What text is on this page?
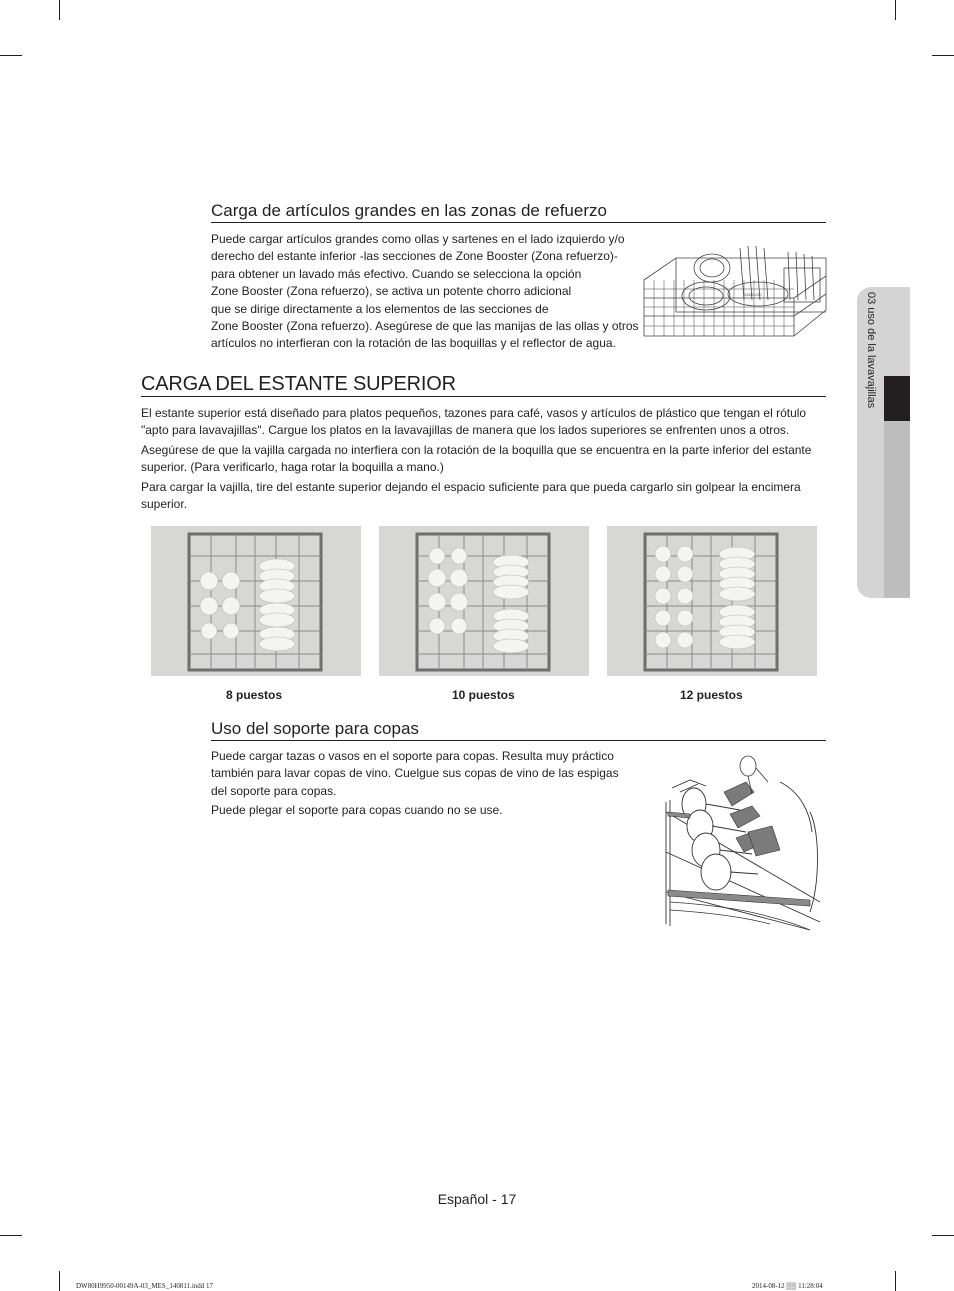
Carga de artículos grandes en las zonas de refuerzo
Puede cargar artículos grandes como ollas y sartenes en el lado izquierdo y/o
derecho del estante inferior -las secciones de Zone Booster (Zona refuerzo)-
para obtener un lavado más efectivo. Cuando se selecciona la opción
Zone Booster (Zona refuerzo), se activa un potente chorro adicional
que se dirige directamente a los elementos de las secciones de
Zone Booster (Zona refuerzo). Asegúrese de que las manijas de las ollas y otros
artículos no interfieran con la rotación de las boquillas y el reflector de agua.
SAMSUNG
CARGA DEL ESTANTE SUPERIOR
El estante superior está diseñado para platos pequeños, tazones para café, vasos y artículos de plástico que tengan el rótulo
"apto para lavavajillas". Cargue los platos en la lavavajillas de manera que los lados superiores se enfrenten unos a otros.
Asegúrese de que la vajilla cargada no interfiera con la rotación de la boquilla que se encuentra en la parte inferior del estante
superior. (Para verificarlo, haga rotar la boquilla a mano.)
Para cargar la vajilla, tire del estante superior dejando el espacio suficiente para que pueda cargarlo sin golpear la encimera
superior.
8 puestos	10 puestos	12 puestos
Uso del soporte para copas
Puede cargar tazas o vasos en el soporte para copas. Resulta muy práctico
también para lavar copas de vino. Cuelgue sus copas de vino de las espigas
del soporte para copas.
Puede plegar el soporte para copas cuando no se use.
03 uso de la lavavajillas
Español - 17
DW80H9950-00149A-03_MES_140811.indd 17	2014-08-12 ▒▒ 11:28:04
